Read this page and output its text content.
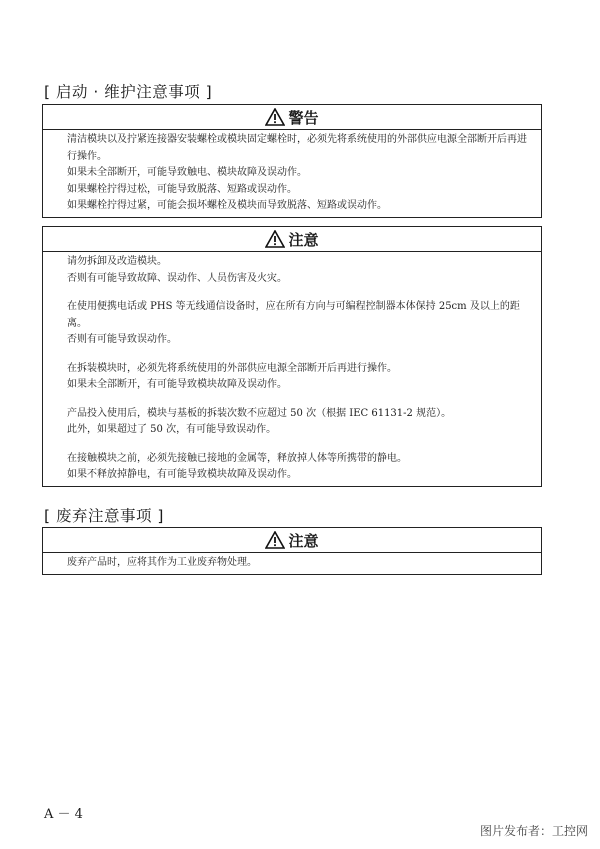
[ 启动 · 维护注意事项 ]
警告

清洁模块以及拧紧连接器安装螺栓或模块固定螺栓时，必须先将系统使用的外部供应电源全部断开后再进行操作。

如果未全部断开，可能导致触电、模块故障及误动作。

如果螺栓拧得过松，可能导致脱落、短路或误动作。

如果螺栓拧得过紧，可能会损坏螺栓及模块而导致脱落、短路或误动作。

注意

请勿拆卸及改造模块。

否则有可能导致故障、误动作、人员伤害及火灾。

在使用便携电话或 PHS 等无线通信设备时，应在所有方向与可编程控制器本体保持 25cm 及以上的距离。

否则有可能导致误动作。

在拆装模块时，必须先将系统使用的外部供应电源全部断开后再进行操作。

如果未全部断开，有可能导致模块故障及误动作。

产品投入使用后，模块与基板的拆装次数不应超过 50 次（根据 IEC 61131-2 规范）。

此外，如果超过了 50 次，有可能导致误动作。

在接触模块之前，必须先接触已接地的金属等，释放掉人体等所携带的静电。

如果不释放掉静电，有可能导致模块故障及误动作。

[ 废弃注意事项 ]
注意

废弃产品时，应将其作为工业废弃物处理。

A － 4
图片发布者：工控网
